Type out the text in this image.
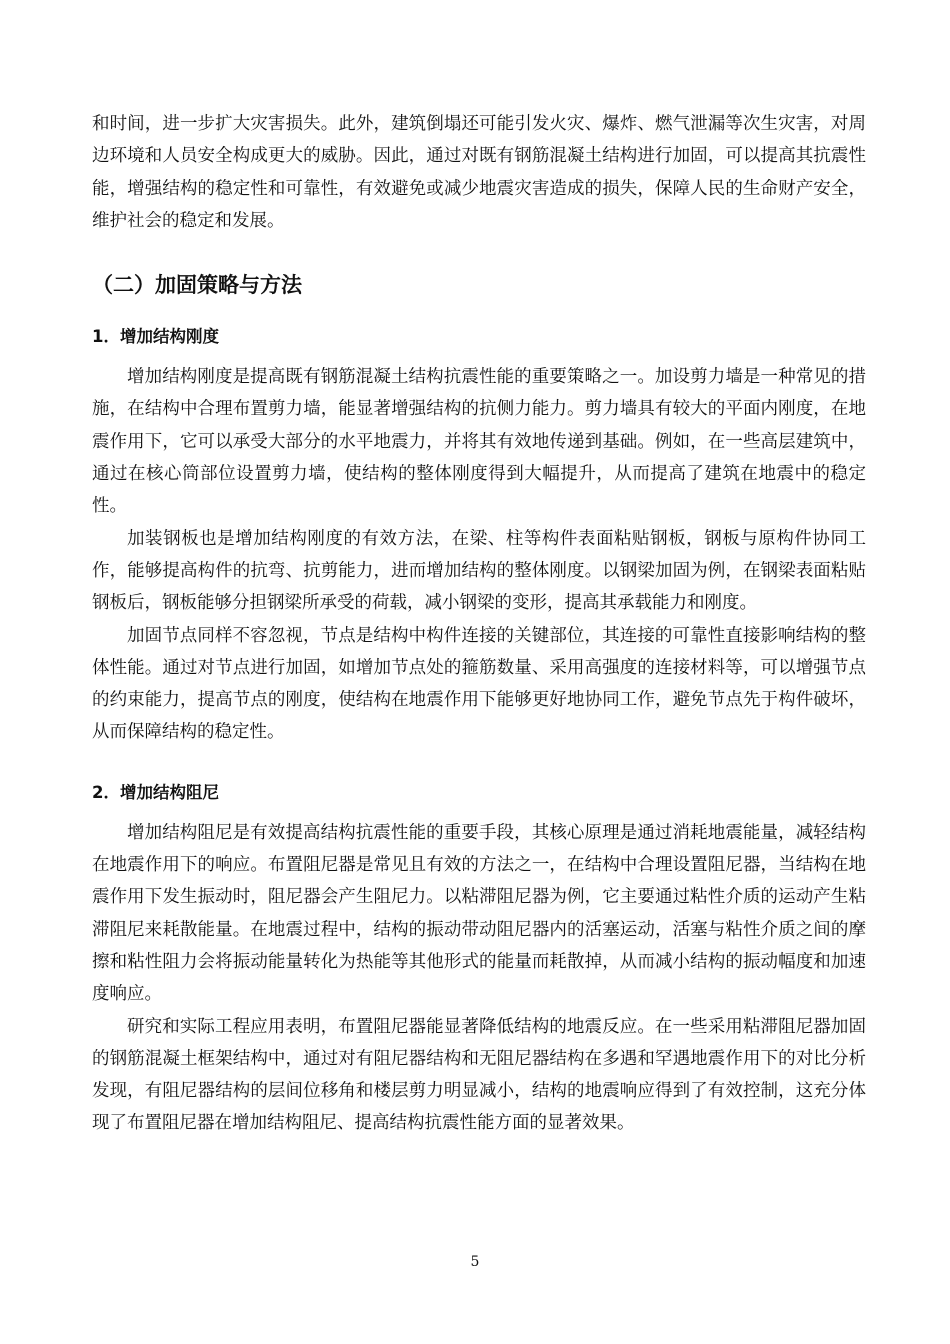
和时间，进一步扩大灾害损失。此外，建筑倒塌还可能引发火灾、爆炸、燃气泄漏等次生灾害，对周边环境和人员安全构成更大的威胁。因此，通过对既有钢筋混凝土结构进行加固，可以提高其抗震性能，增强结构的稳定性和可靠性，有效避免或减少地震灾害造成的损失，保障人民的生命财产安全，维护社会的稳定和发展。

（二）加固策略与方法
1．增加结构刚度

增加结构刚度是提高既有钢筋混凝土结构抗震性能的重要策略之一。加设剪力墙是一种常见的措施，在结构中合理布置剪力墙，能显著增强结构的抗侧力能力。剪力墙具有较大的平面内刚度，在地震作用下，它可以承受大部分的水平地震力，并将其有效地传递到基础。例如，在一些高层建筑中，通过在核心筒部位设置剪力墙，使结构的整体刚度得到大幅提升，从而提高了建筑在地震中的稳定性。

加装钢板也是增加结构刚度的有效方法，在梁、柱等构件表面粘贴钢板，钢板与原构件协同工作，能够提高构件的抗弯、抗剪能力，进而增加结构的整体刚度。以钢梁加固为例，在钢梁表面粘贴钢板后，钢板能够分担钢梁所承受的荷载，减小钢梁的变形，提高其承载能力和刚度。

加固节点同样不容忽视，节点是结构中构件连接的关键部位，其连接的可靠性直接影响结构的整体性能。通过对节点进行加固，如增加节点处的箍筋数量、采用高强度的连接材料等，可以增强节点的约束能力，提高节点的刚度，使结构在地震作用下能够更好地协同工作，避免节点先于构件破坏，从而保障结构的稳定性。

2．增加结构阻尼

增加结构阻尼是有效提高结构抗震性能的重要手段，其核心原理是通过消耗地震能量，减轻结构在地震作用下的响应。布置阻尼器是常见且有效的方法之一，在结构中合理设置阻尼器，当结构在地震作用下发生振动时，阻尼器会产生阻尼力。以粘滞阻尼器为例，它主要通过粘性介质的运动产生粘滞阻尼来耗散能量。在地震过程中，结构的振动带动阻尼器内的活塞运动，活塞与粘性介质之间的摩擦和粘性阻力会将振动能量转化为热能等其他形式的能量而耗散掉，从而减小结构的振动幅度和加速度响应。

研究和实际工程应用表明，布置阻尼器能显著降低结构的地震反应。在一些采用粘滞阻尼器加固的钢筋混凝土框架结构中，通过对有阻尼器结构和无阻尼器结构在多遇和罕遇地震作用下的对比分析发现，有阻尼器结构的层间位移角和楼层剪力明显减小，结构的地震响应得到了有效控制，这充分体现了布置阻尼器在增加结构阻尼、提高结构抗震性能方面的显著效果。

5
